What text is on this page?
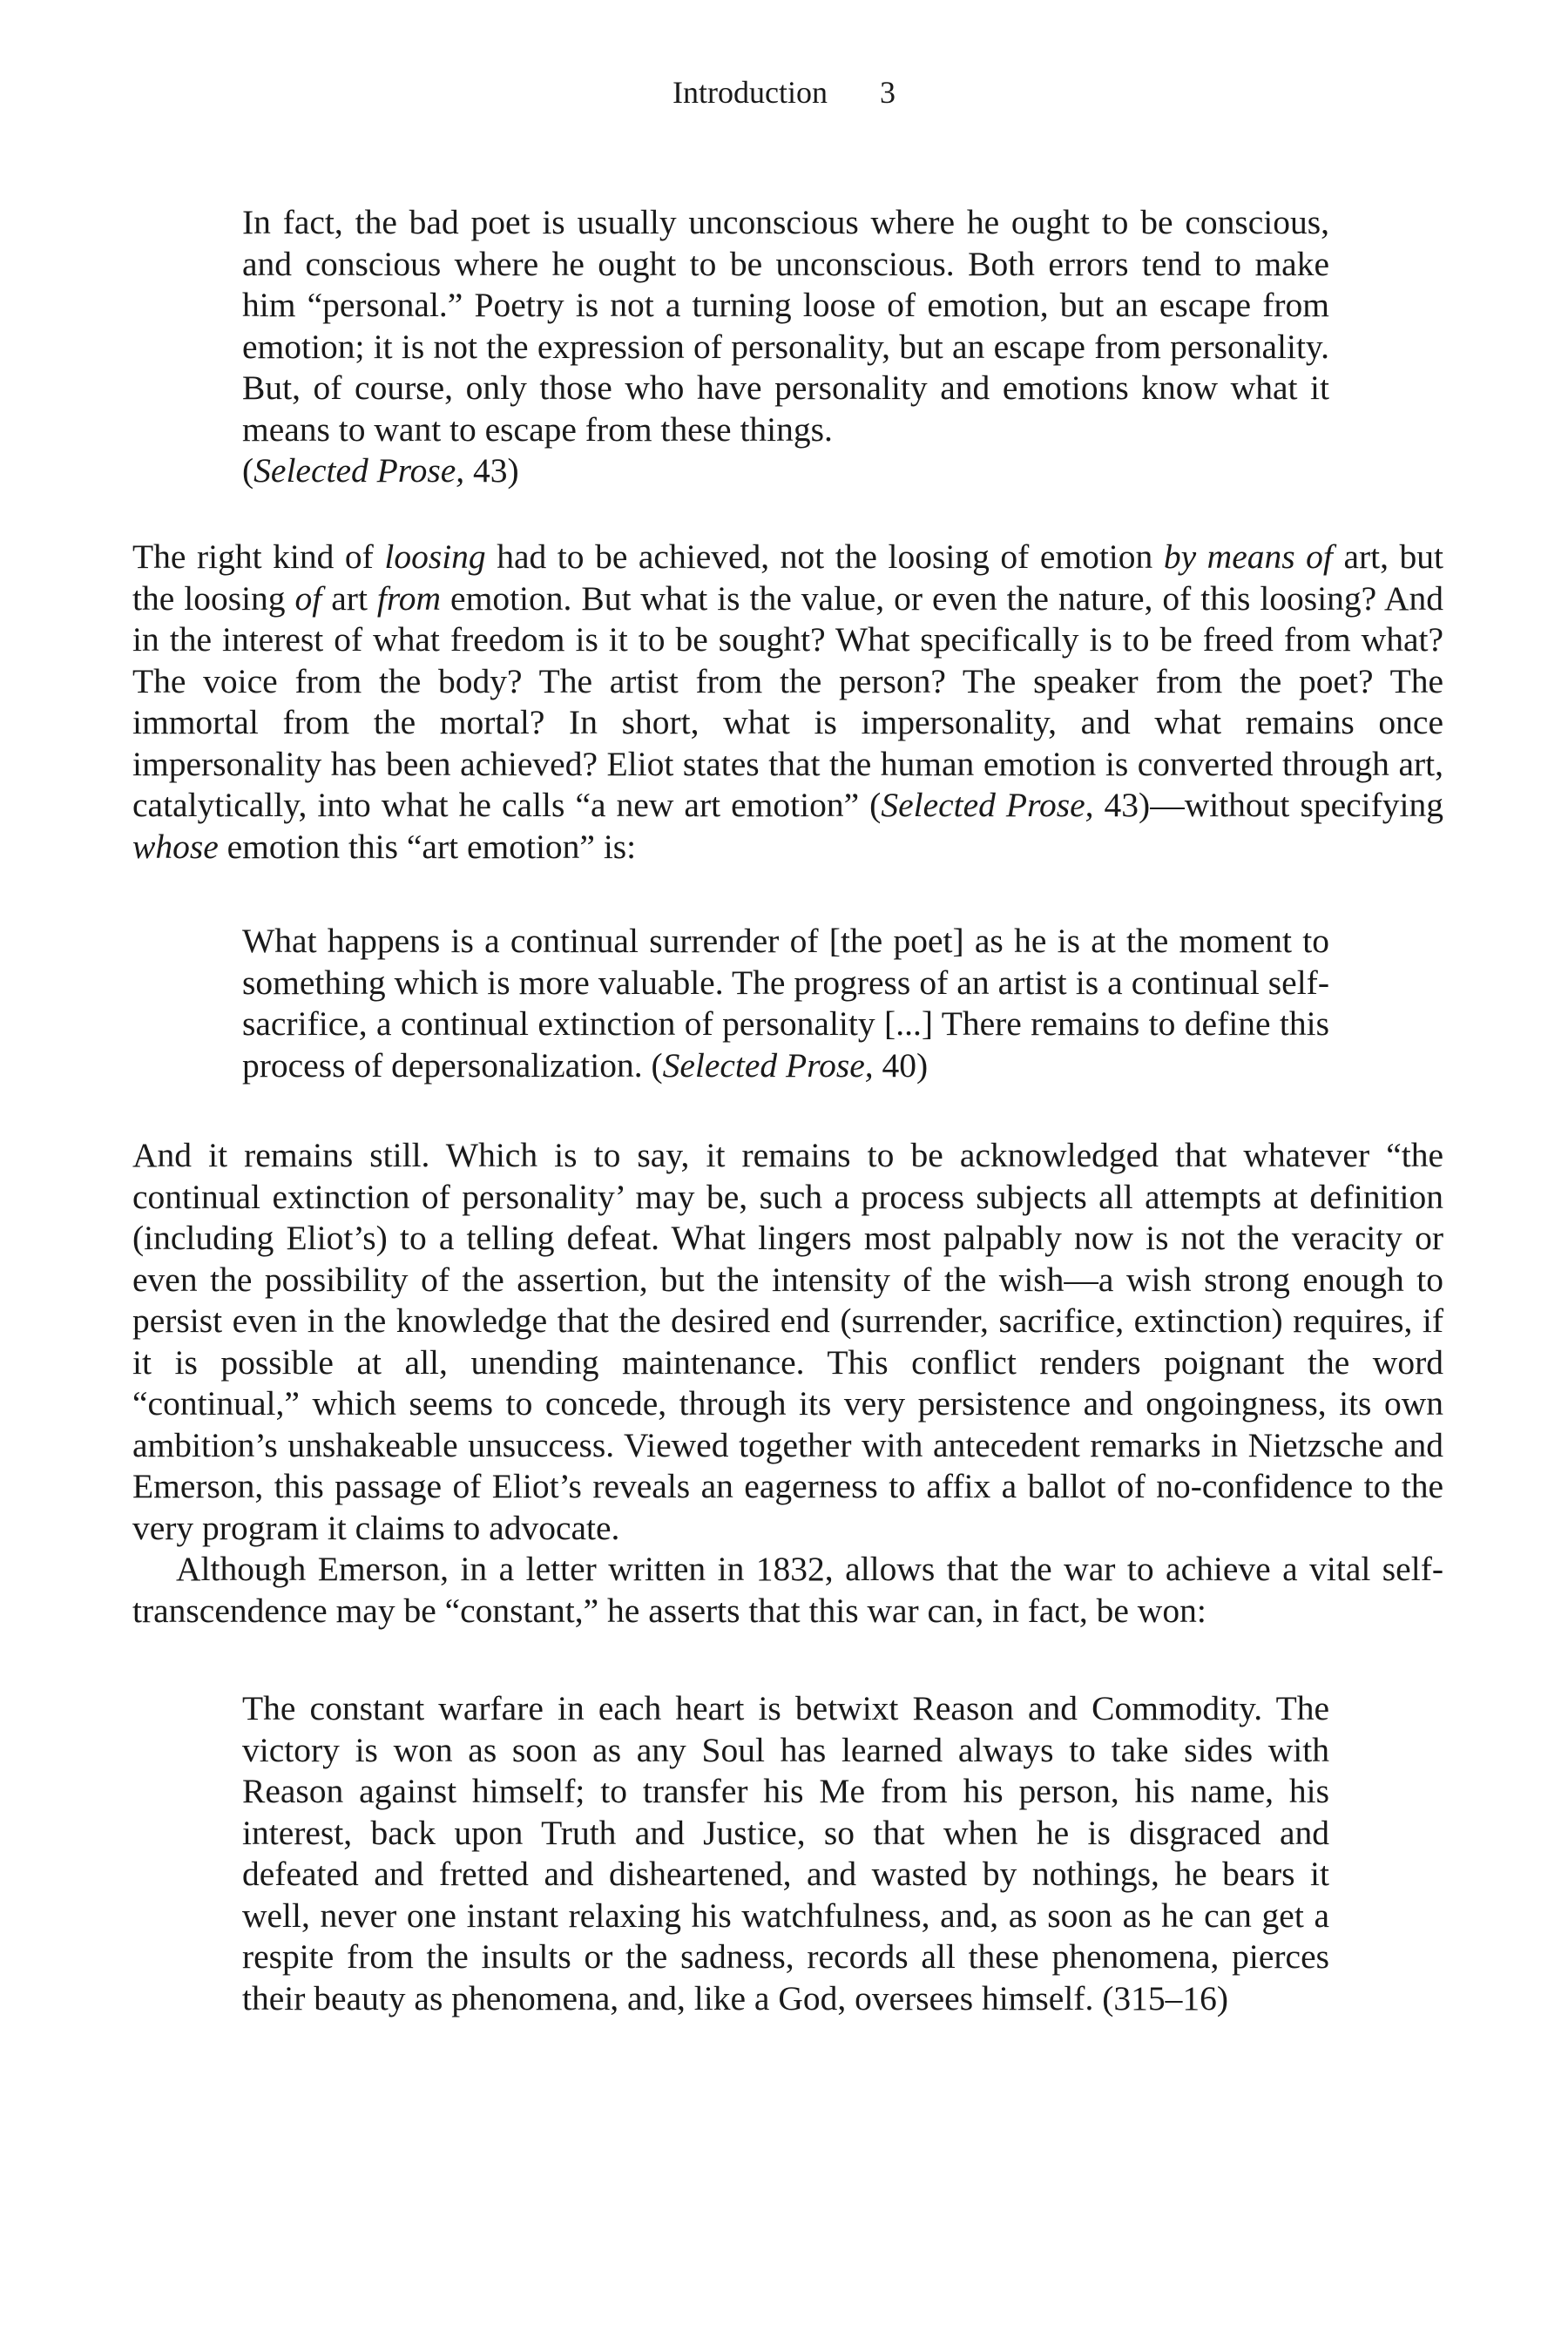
Introduction 3

In fact, the bad poet is usually unconscious where he ought to be conscious, and conscious where he ought to be unconscious. Both errors tend to make him “personal.” Poetry is not a turning loose of emotion, but an escape from emotion; it is not the expression of personality, but an escape from personality. But, of course, only those who have personality and emotions know what it means to want to escape from these things.
(Selected Prose, 43)

The right kind of loosing had to be achieved, not the loosing of emotion by means of art, but the loosing of art from emotion. But what is the value, or even the nature, of this loosing? And in the interest of what freedom is it to be sought? What specifically is to be freed from what? The voice from the body? The artist from the person? The speaker from the poet? The immortal from the mortal? In short, what is impersonality, and what remains once impersonality has been achieved? Eliot states that the human emotion is converted through art, catalytically, into what he calls “a new art emotion” (Selected Prose, 43)—without specifying whose emotion this “art emotion” is:

What happens is a continual surrender of [the poet] as he is at the moment to something which is more valuable. The progress of an artist is a continual self-sacrifice, a continual extinction of personality [...] There remains to define this process of depersonalization. (Selected Prose, 40)

And it remains still. Which is to say, it remains to be acknowledged that whatever “the continual extinction of personality’ may be, such a process subjects all attempts at definition (including Eliot’s) to a telling defeat. What lingers most palpably now is not the veracity or even the possibility of the assertion, but the intensity of the wish—a wish strong enough to persist even in the knowledge that the desired end (surrender, sacrifice, extinction) requires, if it is possible at all, unending maintenance. This conflict renders poignant the word “continual,” which seems to concede, through its very persistence and ongoingness, its own ambition’s unshakeable unsuccess. Viewed together with antecedent remarks in Nietzsche and Emerson, this passage of Eliot’s reveals an eagerness to affix a ballot of no-confidence to the very program it claims to advocate.

Although Emerson, in a letter written in 1832, allows that the war to achieve a vital self-transcendence may be “constant,” he asserts that this war can, in fact, be won:

The constant warfare in each heart is betwixt Reason and Commodity. The victory is won as soon as any Soul has learned always to take sides with Reason against himself; to transfer his Me from his person, his name, his interest, back upon Truth and Justice, so that when he is disgraced and defeated and fretted and disheartened, and wasted by nothings, he bears it well, never one instant relaxing his watchfulness, and, as soon as he can get a respite from the insults or the sadness, records all these phenomena, pierces their beauty as phenomena, and, like a God, oversees himself. (315–16)
